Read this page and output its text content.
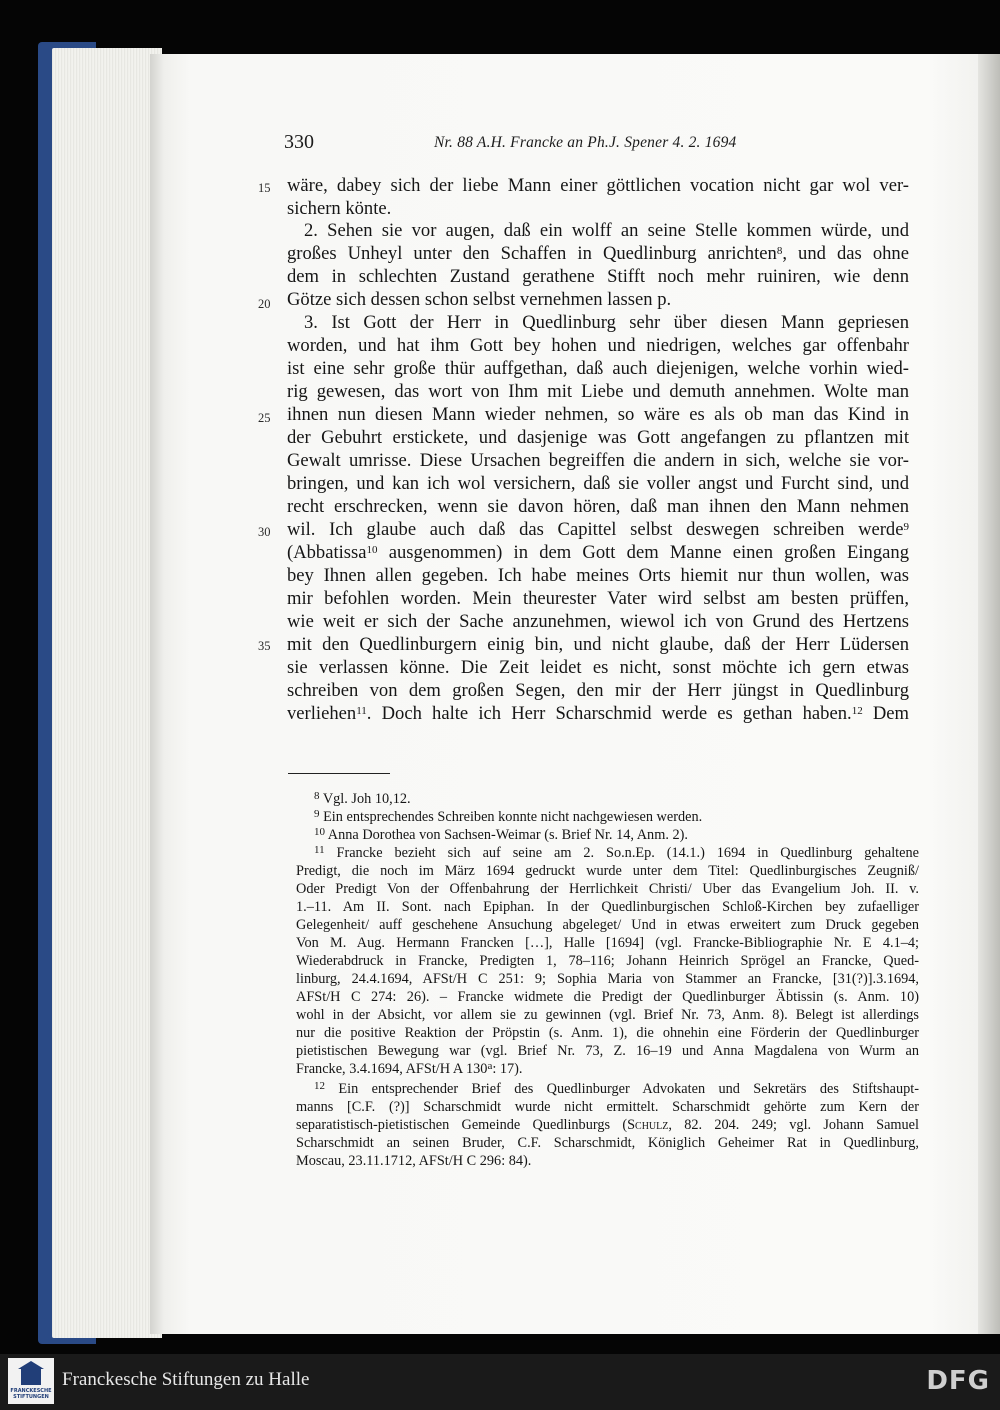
330	Nr. 88 A.H. Francke an Ph.J. Spener 4. 2. 1694
15
20
25
30
35
wäre, dabey sich der liebe Mann einer göttlichen vocation nicht gar wol ver-
sichern könte.
2. Sehen sie vor augen, daß ein wolff an seine Stelle kommen würde, und
großes Unheyl unter den Schaffen in Quedlinburg anrichten$^8$, und das ohne
dem in schlechten Zustand gerathene Stifft noch mehr ruiniren, wie denn
Götze sich dessen schon selbst vernehmen lassen p.
3. Ist Gott der Herr in Quedlinburg sehr über diesen Mann gepriesen
worden, und hat ihm Gott bey hohen und niedrigen, welches gar offenbahr
ist eine sehr große thür auffgethan, daß auch diejenigen, welche vorhin wied-
rig gewesen, das wort von Ihm mit Liebe und demuth annehmen. Wolte man
ihnen nun diesen Mann wieder nehmen, so wäre es als ob man das Kind in
der Gebuhrt erstickete, und dasjenige was Gott angefangen zu pflantzen mit
Gewalt umrisse. Diese Ursachen begreiffen die andern in sich, welche sie vor-
bringen, und kan ich wol versichern, daß sie voller angst und Furcht sind, und
recht erschrecken, wenn sie davon hören, daß man ihnen den Mann nehmen
wil. Ich glaube auch daß das Capittel selbst deswegen schreiben werde$^9$
(Abbatissa$^{10}$ ausgenommen) in dem Gott dem Manne einen großen Eingang
bey Ihnen allen gegeben. Ich habe meines Orts hiemit nur thun wollen, was
mir befohlen worden. Mein theurester Vater wird selbst am besten prüffen,
wie weit er sich der Sache anzunehmen, wiewol ich von Grund des Hertzens
mit den Quedlinburgern einig bin, und nicht glaube, daß der Herr Lüdersen
sie verlassen könne. Die Zeit leidet es nicht, sonst möchte ich gern etwas
schreiben von dem großen Segen, den mir der Herr jüngst in Quedlinburg
verliehen$^{11}$. Doch halte ich Herr Scharschmid werde es gethan haben.$^{12}$ Dem
$^8$ Vgl. Joh 10,12.
$^9$ Ein entsprechendes Schreiben konnte nicht nachgewiesen werden.
$^{10}$ Anna Dorothea von Sachsen-Weimar (s. Brief Nr. 14, Anm. 2).
$^{11}$ Francke bezieht sich auf seine am 2. So.n.Ep. (14.1.) 1694 in Quedlinburg gehaltene
Predigt, die noch im März 1694 gedruckt wurde unter dem Titel: Quedlinburgisches Zeugniß/
Oder Predigt Von der Offenbahrung der Herrlichkeit Christi/ Uber das Evangelium Joh. II. v.
1.–11. Am II. Sont. nach Epiphan. In der Quedlinburgischen Schloß-Kirchen bey zufaelliger
Gelegenheit/ auff geschehene Ansuchung abgeleget/ Und in etwas erweitert zum Druck gegeben
Von M. Aug. Hermann Francken […], Halle [1694] (vgl. Francke-Bibliographie Nr. E 4.1–4;
Wiederabdruck in Francke, Predigten 1, 78–116; Johann Heinrich Sprögel an Francke, Qued-
linburg, 24.4.1694, AFSt/H C 251: 9; Sophia Maria von Stammer an Francke, [31(?)].3.1694,
AFSt/H C 274: 26). – Francke widmete die Predigt der Quedlinburger Äbtissin (s. Anm. 10)
wohl in der Absicht, vor allem sie zu gewinnen (vgl. Brief Nr. 73, Anm. 8). Belegt ist allerdings
nur die positive Reaktion der Pröpstin (s. Anm. 1), die ohnehin eine Förderin der Quedlinburger
pietistischen Bewegung war (vgl. Brief Nr. 73, Z. 16–19 und Anna Magdalena von Wurm an
Francke, 3.4.1694, AFSt/H A 130$^a$: 17).
$^{12}$ Ein entsprechender Brief des Quedlinburger Advokaten und Sekretärs des Stiftshaupt-
manns [C.F. (?)] Scharschmidt wurde nicht ermittelt. Scharschmidt gehörte zum Kern der
separatistisch-pietistischen Gemeinde Quedlinburgs (Schulz, 82. 204. 249; vgl. Johann Samuel
Scharschmidt an seinen Bruder, C.F. Scharschmidt, Königlich Geheimer Rat in Quedlinburg,
Moscau, 23.11.1712, AFSt/H C 296: 84).
FRANCKESCHE
STIFTUNGEN
Franckesche Stiftungen zu Halle	DFG
